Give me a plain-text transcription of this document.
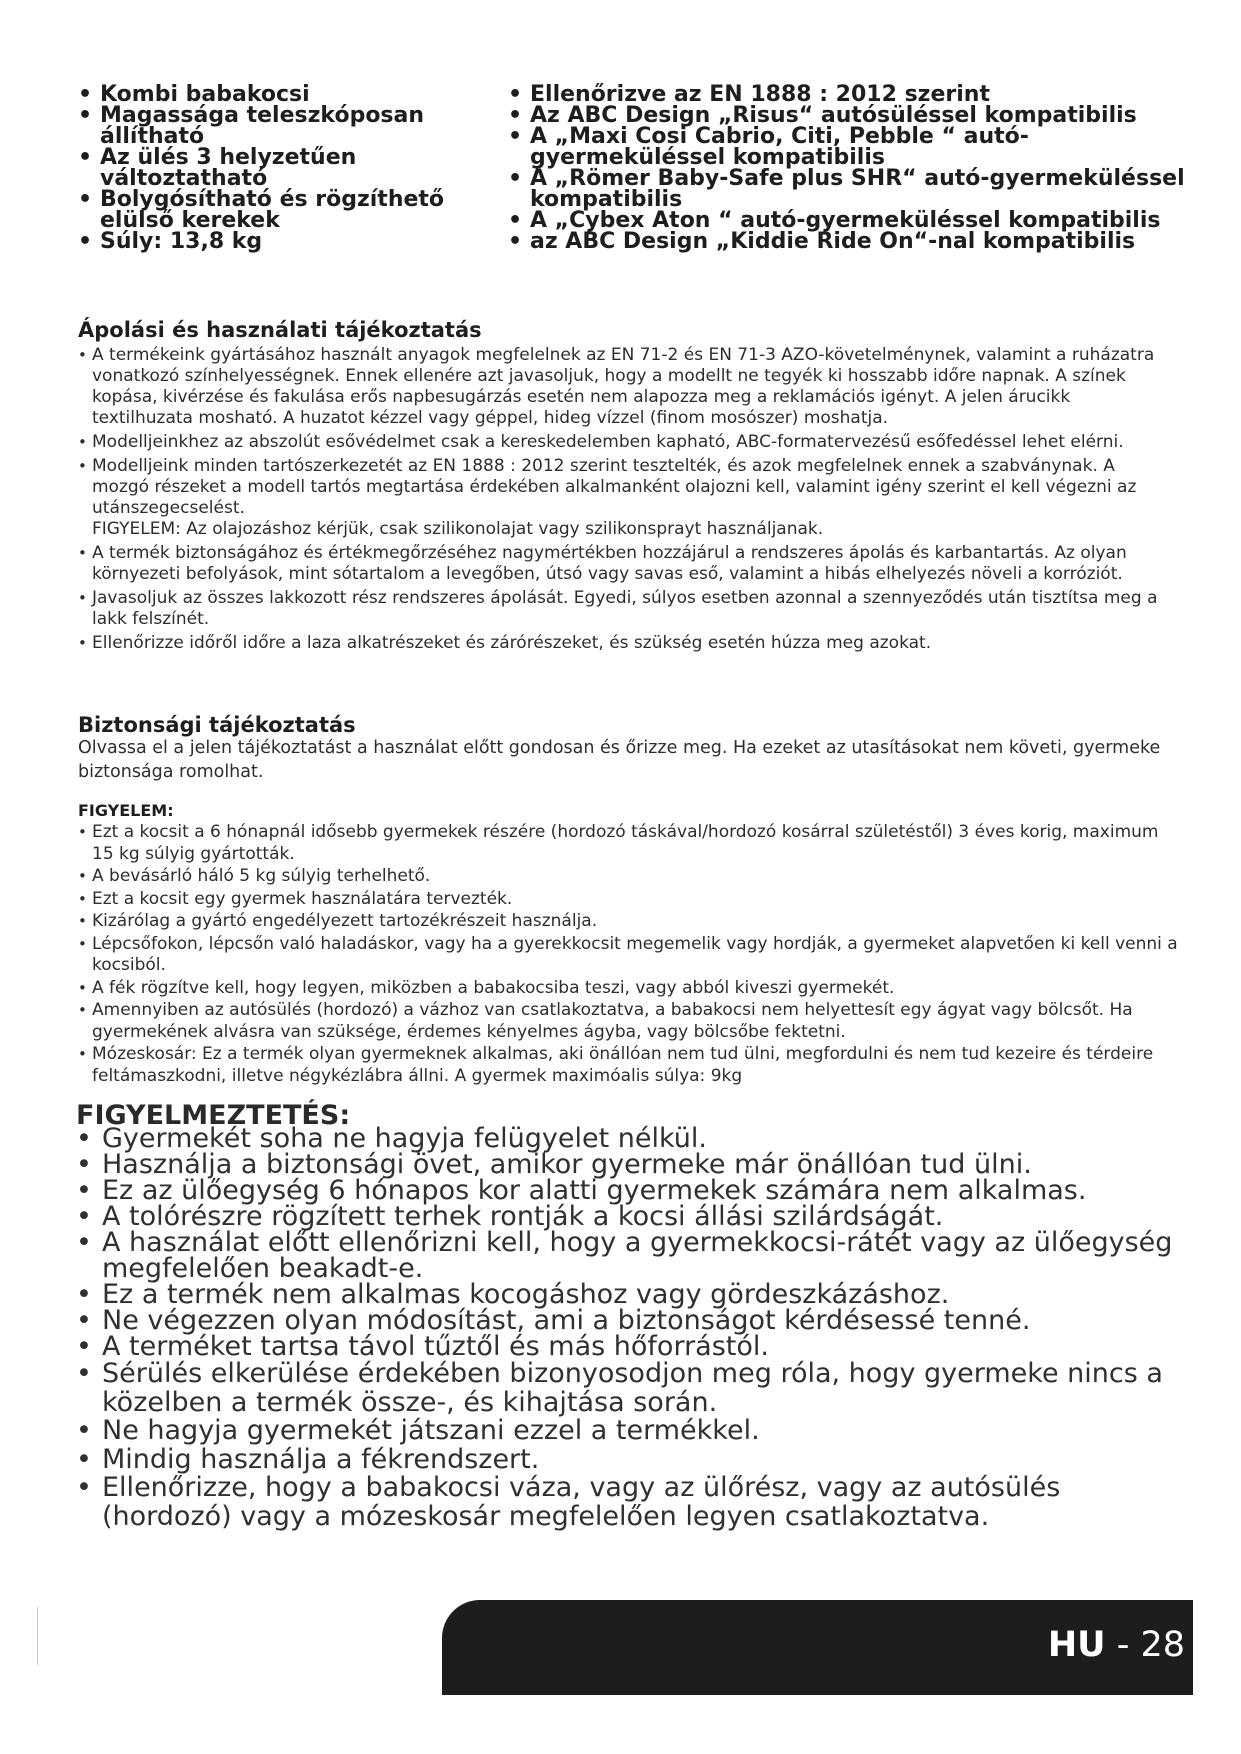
• Kombi babakocsi
• Magassága teleszkóposan állítható
• Az ülés 3 helyzetűen változtatható
• Bolygósítható és rögzíthető elülső kerekek
• Súly: 13,8 kg
• Ellenőrizve az EN 1888 : 2012 szerint
• Az ABC Design „Risus“ autósüléssel kompatibilis
• A „Maxi Cosi Cabrio, Citi, Pebble “ autó-gyermeküléssel kompatibilis
• A „Römer Baby-Safe plus SHR“ autó-gyermeküléssel kompatibilis
• A „Cybex Aton “ autó-gyermeküléssel kompatibilis
• az ABC Design „Kiddie Ride On“-nal kompatibilis
Ápolási és használati tájékoztatás
• A termékeink gyártásához használt anyagok megfelelnek az EN 71-2 és EN 71-3 AZO-követelménynek, valamint a ruházatra vonatkozó színhelyességnek. Ennek ellenére azt javasoljuk, hogy a modellt ne tegyék ki hosszabb időre napnak. A színek kopása, kivérzése és fakulása erős napbesugárzás esetén nem alapozza meg a reklamációs igényt. A jelen árucikk textilhuzata mosható. A huzatot kézzel vagy géppel, hideg vízzel (finom mosószer) moshatja.
• Modelljeinkhez az abszolút esővédelmet csak a kereskedelemben kapható, ABC-formatervezésű esőfedéssel lehet elérni.
• Modelljeink minden tartószerkezetét az EN 1888 : 2012 szerint tesztelték, és azok megfelelnek ennek a szabványnak. A mozgó részeket a modell tartós megtartása érdekében alkalmanként olajozni kell, valamint igény szerint el kell végezni az utánszegecselést.
FIGYELEM: Az olajozáshoz kérjük, csak szilikonolajat vagy szilikonsprayt használjanak.
• A termék biztonságához és értékmegőrzéséhez nagymértékben hozzájárul a rendszeres ápolás és karbantartás. Az olyan környezeti befolyások, mint sótartalom a levegőben, útsó vagy savas eső, valamint a hibás elhelyezés növeli a korróziót.
• Javasoljuk az összes lakkozott rész rendszeres ápolását. Egyedi, súlyos esetben azonnal a szennyeződés után tisztítsa meg a lakk felszínét.
• Ellenőrizze időről időre a laza alkatrészeket és zárórészeket, és szükség esetén húzza meg azokat.
Biztonsági tájékoztatás

Olvassa el a jelen tájékoztatást a használat előtt gondosan és őrizze meg. Ha ezeket az utasításokat nem követi, gyermeke biztonsága romolhat.

FIGYELEM:

• Ezt a kocsit a 6 hónapnál idősebb gyermekek részére (hordozó táskával/hordozó kosárral születéstől) 3 éves korig, maximum 15 kg súlyig gyártották.
• A bevásárló háló 5 kg súlyig terhelhető.
• Ezt a kocsit egy gyermek használatára tervezték.
• Kizárólag a gyártó engedélyezett tartozékrészeit használja.
• Lépcsőfokon, lépcsőn való haladáskor, vagy ha a gyerekkocsit megemelik vagy hordják, a gyermeket alapvetően ki kell venni a kocsiból.
• A fék rögzítve kell, hogy legyen, miközben a babakocsiba teszi, vagy abból kiveszi gyermekét.
• Amennyiben az autósülés (hordozó) a vázhoz van csatlakoztatva, a babakocsi nem helyettesít egy ágyat vagy bölcsőt. Ha gyermekének alvásra van szüksége, érdemes kényelmes ágyba, vagy bölcsőbe fektetni.
• Mózeskosár: Ez a termék olyan gyermeknek alkalmas, aki önállóan nem tud ülni, megfordulni és nem tud kezeire és térdeire feltámaszkodni, illetve négykézlábra állni. A gyermek maximóalis súlya: 9kg
FIGYELMEZTETÉS:
• Gyermekét soha ne hagyja felügyelet nélkül.
• Használja a biztonsági övet, amikor gyermeke már önállóan tud ülni.
• Ez az ülőegység 6 hónapos kor alatti gyermekek számára nem alkalmas.
• A tolórészre rögzített terhek rontják a kocsi állási szilárdságát.
• A használat előtt ellenőrizni kell, hogy a gyermekkocsi-rátét vagy az ülőegység megfelelően beakadt-e.
• Ez a termék nem alkalmas kocogáshoz vagy gördeszkázáshoz.
• Ne végezzen olyan módosítást, ami a biztonságot kérdésessé tenné.
• A terméket tartsa távol tűztől és más hőforrástól.
• Sérülés elkerülése érdekében bizonyosodjon meg róla, hogy gyermeke nincs a közelben a termék össze-, és kihajtása során.
• Ne hagyja gyermekét játszani ezzel a termékkel.
• Mindig használja a fékrendszert.
• Ellenőrizze, hogy a babakocsi váza, vagy az ülőrész, vagy az autósülés (hordozó) vagy a mózeskosár megfelelően legyen csatlakoztatva.

HU - 28
